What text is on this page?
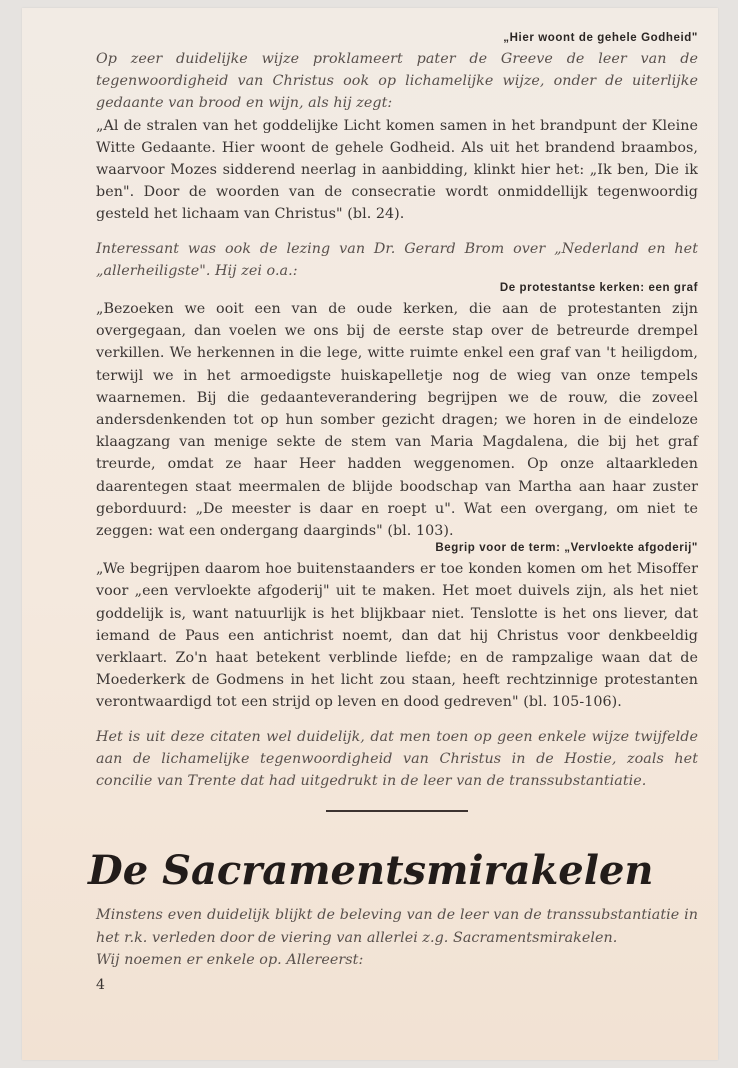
„Hier woont de gehele Godheid"

Op zeer duidelijke wijze proklameert pater de Greeve de leer van de tegenwoordigheid van Christus ook op lichamelijke wijze, onder de uiterlijke gedaante van brood en wijn, als hij zegt:

„Al de stralen van het goddelijke Licht komen samen in het brandpunt der Kleine Witte Gedaante. Hier woont de gehele Godheid. Als uit het brandend braambos, waarvoor Mozes sidderend neerlag in aanbidding, klinkt hier het: „Ik ben, Die ik ben". Door de woorden van de consecratie wordt onmiddellijk tegenwoordig gesteld het lichaam van Christus" (bl. 24).

Interessant was ook de lezing van Dr. Gerard Brom over „Nederland en het „allerheiligste". Hij zei o.a.:

De protestantse kerken: een graf

„Bezoeken we ooit een van de oude kerken, die aan de protestanten zijn overgegaan, dan voelen we ons bij de eerste stap over de betreurde drempel verkillen. We herkennen in die lege, witte ruimte enkel een graf van 't heiligdom, terwijl we in het armoedigste huiskapelletje nog de wieg van onze tempels waarnemen. Bij die gedaanteverandering begrijpen we de rouw, die zoveel andersdenkenden tot op hun somber gezicht dragen; we horen in de eindeloze klaagzang van menige sekte de stem van Maria Magdalena, die bij het graf treurde, omdat ze haar Heer hadden weggenomen. Op onze altaarkleden daarentegen staat meermalen de blijde boodschap van Martha aan haar zuster geborduurd: „De meester is daar en roept u". Wat een overgang, om niet te zeggen: wat een ondergang daarginds" (bl. 103).

Begrip voor de term: „Vervloekte afgoderij"

„We begrijpen daarom hoe buitenstaanders er toe konden komen om het Misoffer voor „een vervloekte afgoderij" uit te maken. Het moet duivels zijn, als het niet goddelijk is, want natuurlijk is het blijkbaar niet. Tenslotte is het ons liever, dat iemand de Paus een antichrist noemt, dan dat hij Christus voor denkbeeldig verklaart. Zo'n haat betekent verblinde liefde; en de rampzalige waan dat de Moederkerk de Godmens in het licht zou staan, heeft rechtzinnige protestanten verontwaardigd tot een strijd op leven en dood gedreven" (bl. 105-106).

Het is uit deze citaten wel duidelijk, dat men toen op geen enkele wijze twijfelde aan de lichamelijke tegenwoordigheid van Christus in de Hostie, zoals het concilie van Trente dat had uitgedrukt in de leer van de transsubstantiatie.

De Sacramentsmirakelen

Minstens even duidelijk blijkt de beleving van de leer van de transsubstantiatie in het r.k. verleden door de viering van allerlei z.g. Sacramentsmirakelen.

Wij noemen er enkele op. Allereerst:

4
